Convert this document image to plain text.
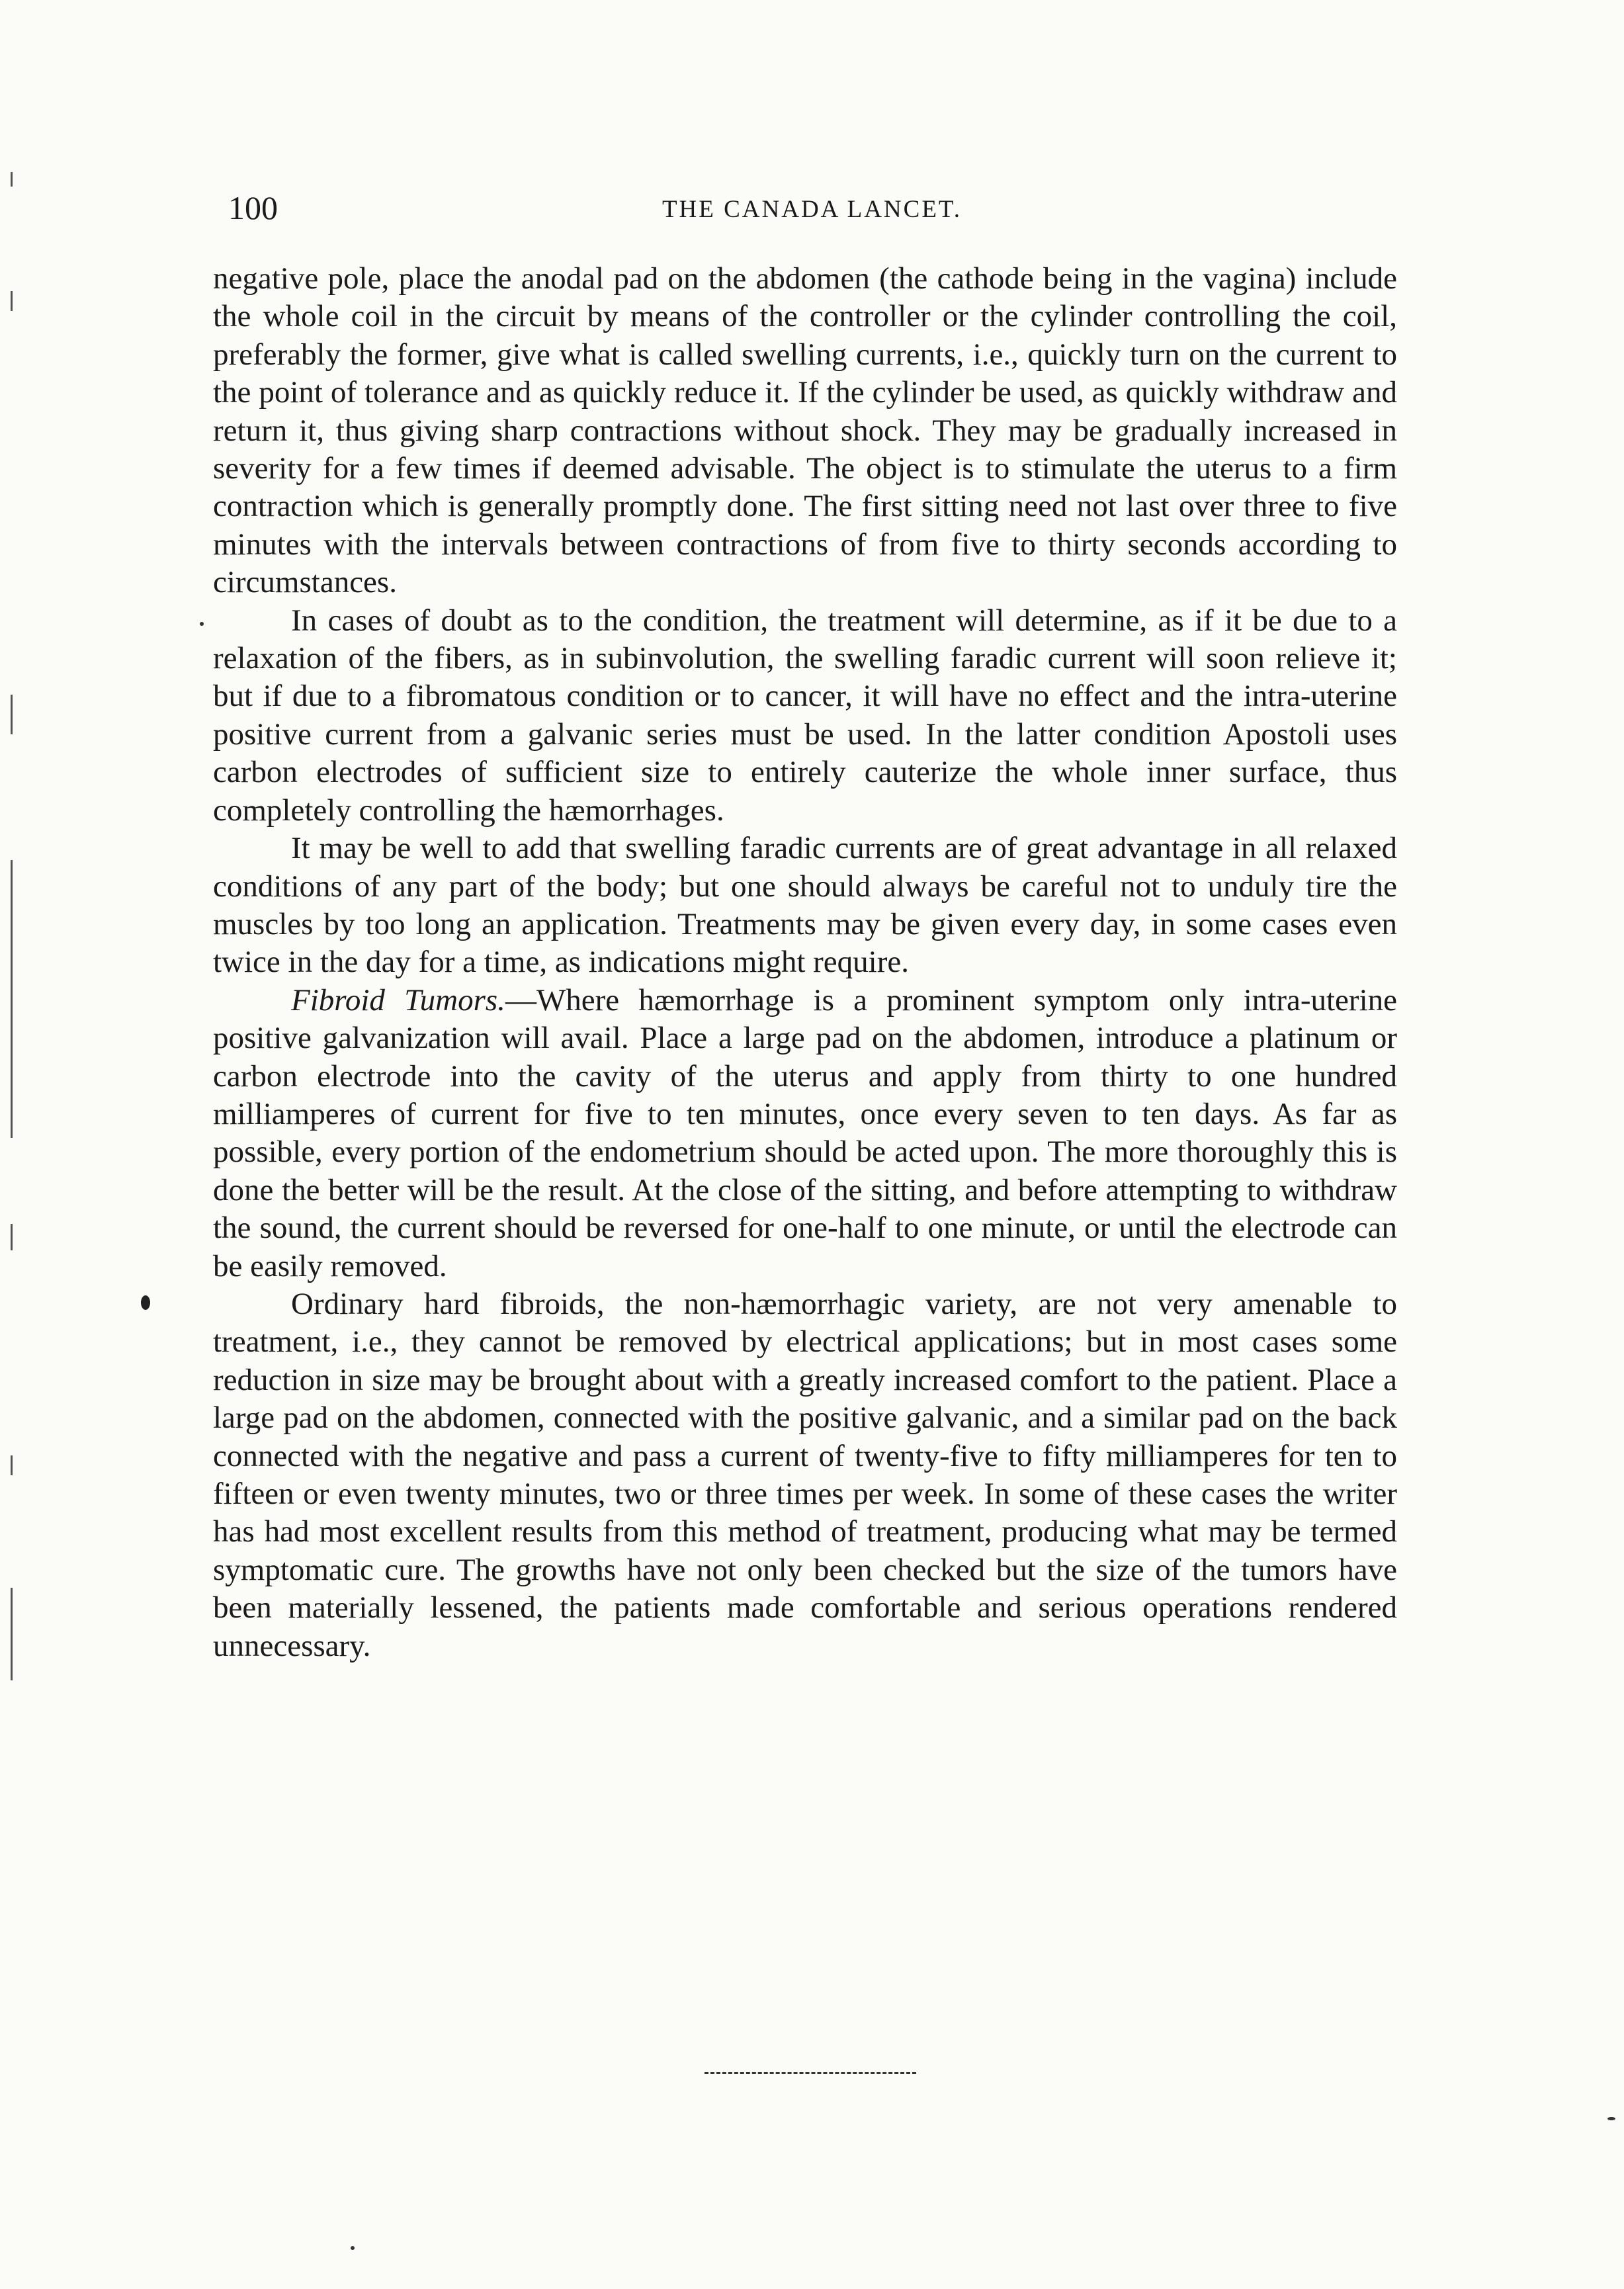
100	THE CANADA LANCET.

negative pole, place the anodal pad on the abdomen (the cathode being in the vagina) include the whole coil in the circuit by means of the controller or the cylinder controlling the coil, preferably the former, give what is called swelling currents, i.e., quickly turn on the current to the point of tolerance and as quickly reduce it. If the cylinder be used, as quickly withdraw and return it, thus giving sharp contractions without shock. They may be gradually increased in severity for a few times if deemed advisable. The object is to stimulate the uterus to a firm contraction which is generally promptly done. The first sitting need not last over three to five minutes with the intervals between contractions of from five to thirty seconds according to circumstances.

In cases of doubt as to the condition, the treatment will determine, as if it be due to a relaxation of the fibers, as in subinvolution, the swelling faradic current will soon relieve it; but if due to a fibromatous condition or to cancer, it will have no effect and the intra-uterine positive current from a galvanic series must be used. In the latter condition Apostoli uses carbon electrodes of sufficient size to entirely cauterize the whole inner surface, thus completely controlling the hæmorrhages.

It may be well to add that swelling faradic currents are of great advantage in all relaxed conditions of any part of the body; but one should always be careful not to unduly tire the muscles by too long an application. Treatments may be given every day, in some cases even twice in the day for a time, as indications might require.

Fibroid Tumors.—Where hæmorrhage is a prominent symptom only intra-uterine positive galvanization will avail. Place a large pad on the abdomen, introduce a platinum or carbon electrode into the cavity of the uterus and apply from thirty to one hundred milliamperes of current for five to ten minutes, once every seven to ten days. As far as possible, every portion of the endometrium should be acted upon. The more thoroughly this is done the better will be the result. At the close of the sitting, and before attempting to withdraw the sound, the current should be reversed for one-half to one minute, or until the electrode can be easily removed.

Ordinary hard fibroids, the non-hæmorrhagic variety, are not very amenable to treatment, i.e., they cannot be removed by electrical applications; but in most cases some reduction in size may be brought about with a greatly increased comfort to the patient. Place a large pad on the abdomen, connected with the positive galvanic, and a similar pad on the back connected with the negative and pass a current of twenty-five to fifty milliamperes for ten to fifteen or even twenty minutes, two or three times per week. In some of these cases the writer has had most excellent results from this method of treatment, producing what may be termed symptomatic cure. The growths have not only been checked but the size of the tumors have been materially lessened, the patients made comfortable and serious operations rendered unnecessary.
